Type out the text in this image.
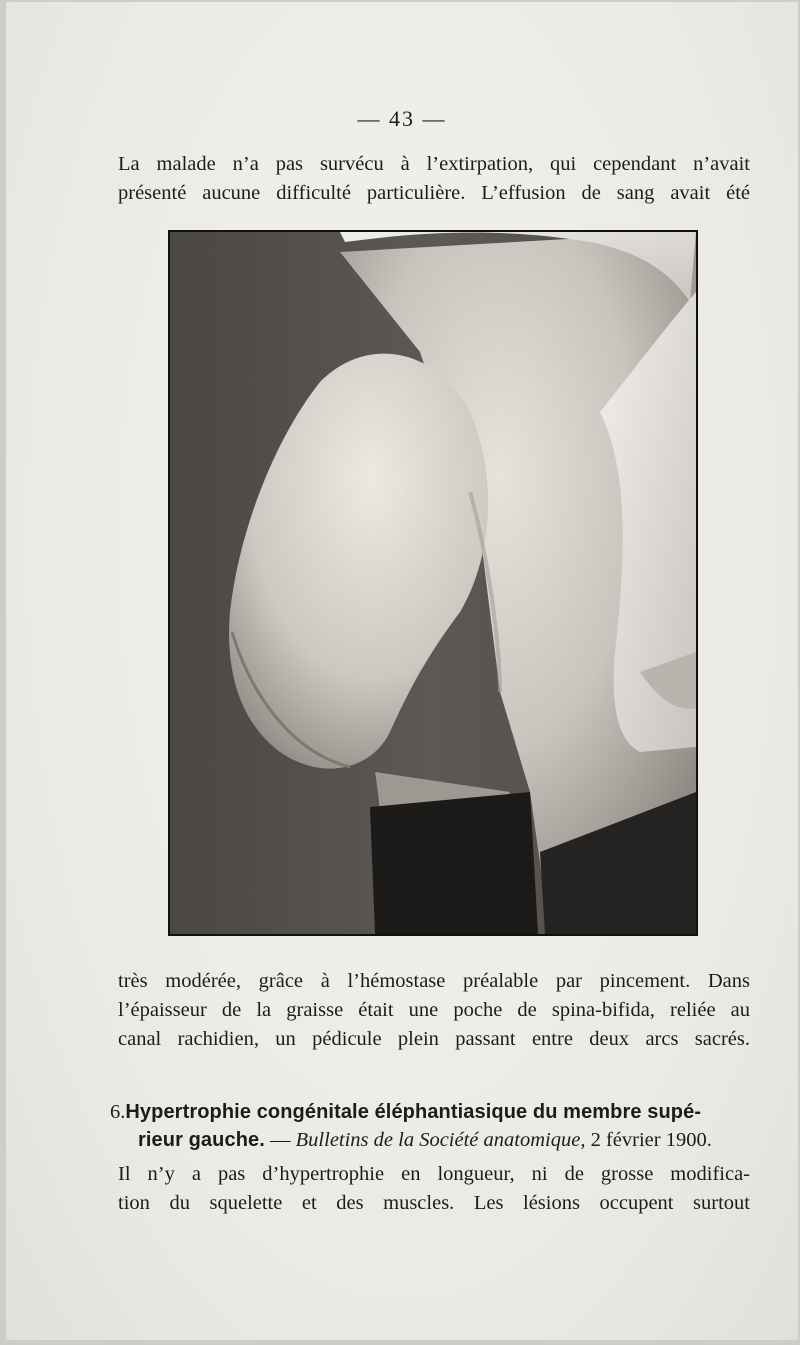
— 43 —

La malade n’a pas survécu à l’extirpation, qui cependant n’avait
présenté aucune difficulté particulière. L’effusion de sang avait été

très modérée, grâce à l’hémostase préalable par pincement. Dans
l’épaisseur de la graisse était une poche de spina-bifida, reliée au
canal rachidien, un pédicule plein passant entre deux arcs sacrés.

6.Hypertrophie congénitale éléphantiasique du membre supé-
rieur gauche. — Bulletins de la Société anatomique, 2 février 1900.

Il n’y a pas d’hypertrophie en longueur, ni de grosse modifica-
tion du squelette et des muscles. Les lésions occupent surtout
